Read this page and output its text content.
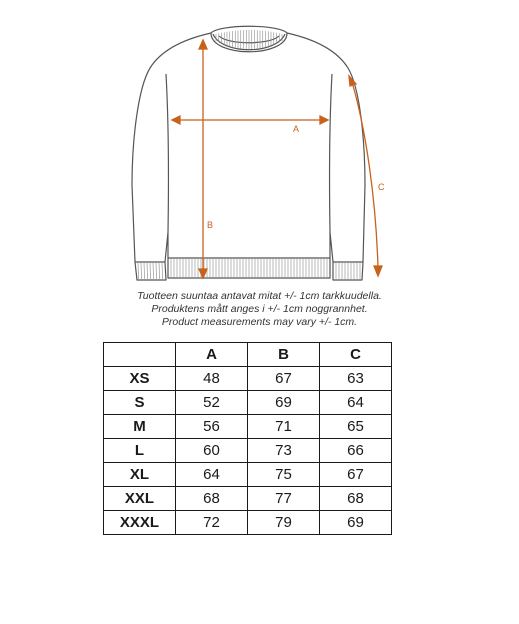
A
B
C
Tuotteen suuntaa antavat mitat +/- 1cm tarkkuudella.
Produktens mått anges i +/- 1cm noggrannhet.
Product measurements may vary +/- 1cm.
	A	B	C
XS	48	67	63
S	52	69	64
M	56	71	65
L	60	73	66
XL	64	75	67
XXL	68	77	68
XXXL	72	79	69
